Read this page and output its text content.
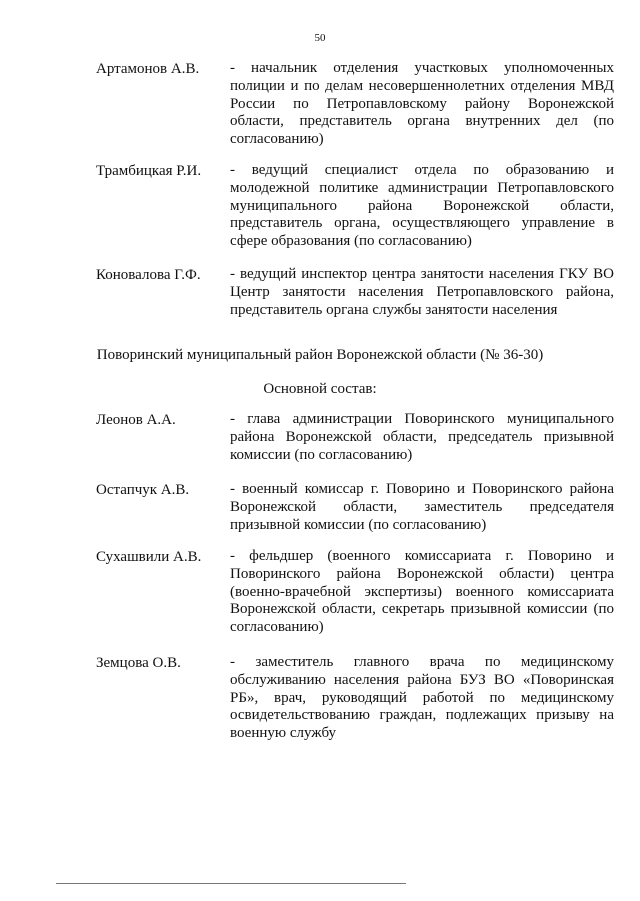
50
Артамонов А.В. - начальник отделения участковых уполномоченных полиции и по делам несовершеннолетних отделения МВД России по Петропавловскому району Воронежской области, представитель органа внутренних дел (по согласованию)
Трамбицкая Р.И. - ведущий специалист отдела по образованию и молодежной политике администрации Петропавловского муниципального района Воронежской области, представитель органа, осуществляющего управление в сфере образования (по согласованию)
Коновалова Г.Ф. - ведущий инспектор центра занятости населения ГКУ ВО Центр занятости населения Петропавловского района, представитель органа службы занятости населения
Поворинский муниципальный район Воронежской области (№ 36-30)
Основной состав:
Леонов А.А.	- глава администрации Поворинского муниципального района Воронежской области, председатель призывной комиссии (по согласованию)
Остапчук А.В.	- военный комиссар г. Поворино и Поворинского района Воронежской области, заместитель председателя призывной комиссии (по согласованию)
Сухашвили А.В. - фельдшер (военного комиссариата г. Поворино и Поворинского района Воронежской области) центра (военно-врачебной экспертизы) военного комиссариата Воронежской области, секретарь призывной комиссии (по согласованию)
Земцова О.В.	- заместитель главного врача по медицинскому обслуживанию населения района БУЗ ВО «Поворинская РБ», врач, руководящий работой по медицинскому освидетельствованию граждан, подлежащих призыву на военную службу
